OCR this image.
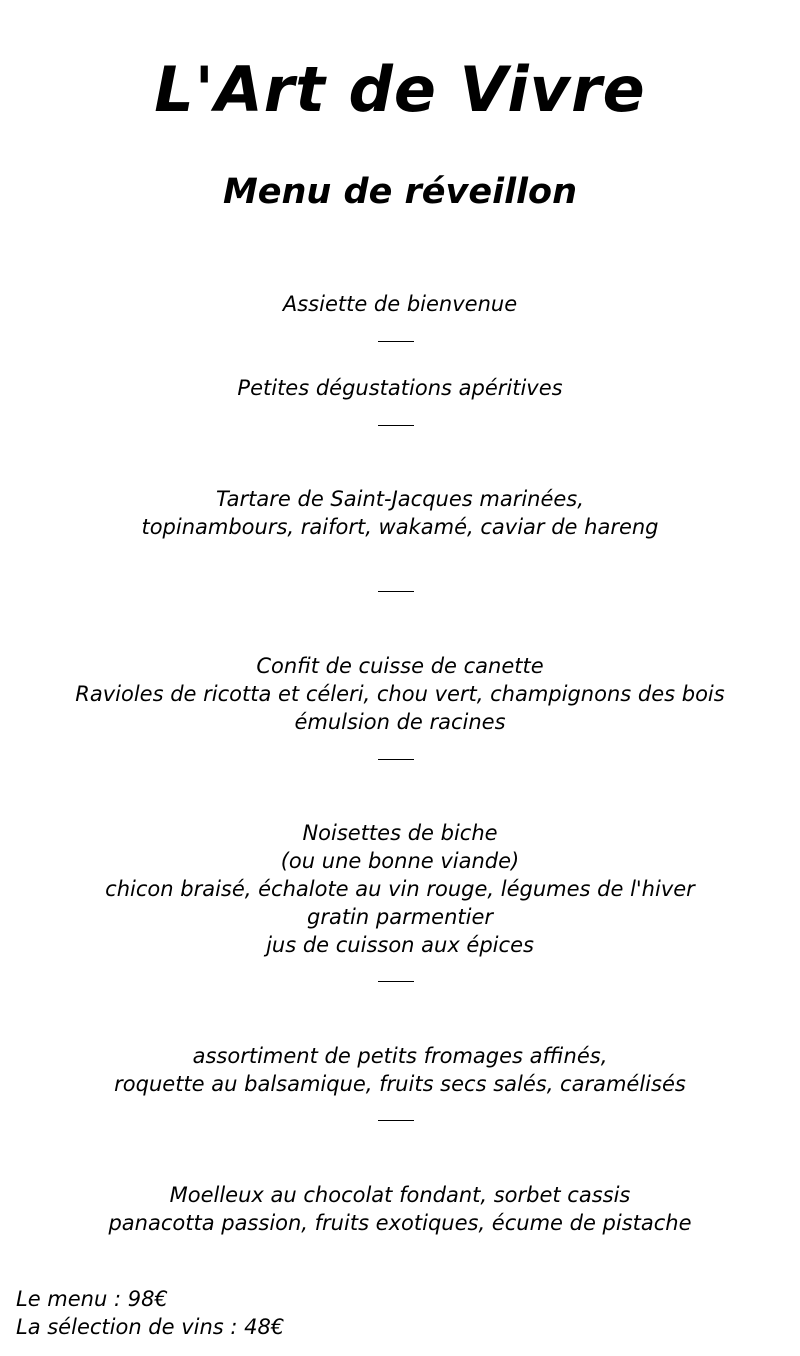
L'Art de Vivre
Menu de réveillon
Assiette de bienvenue
Petites dégustations apéritives
Tartare de Saint-Jacques marinées,
topinambours, raifort, wakamé, caviar de hareng
Confit de cuisse de canette
Ravioles de ricotta et céleri, chou vert, champignons des bois
émulsion de racines
Noisettes de biche
(ou une bonne viande)
chicon braisé, échalote au vin rouge, légumes de l'hiver
gratin parmentier
jus de cuisson aux épices
assortiment de petits fromages affinés,
roquette au balsamique, fruits secs salés, caramélisés
Moelleux au chocolat fondant, sorbet cassis
panacotta passion, fruits exotiques, écume de pistache
Le menu : 98€
La sélection de vins : 48€
